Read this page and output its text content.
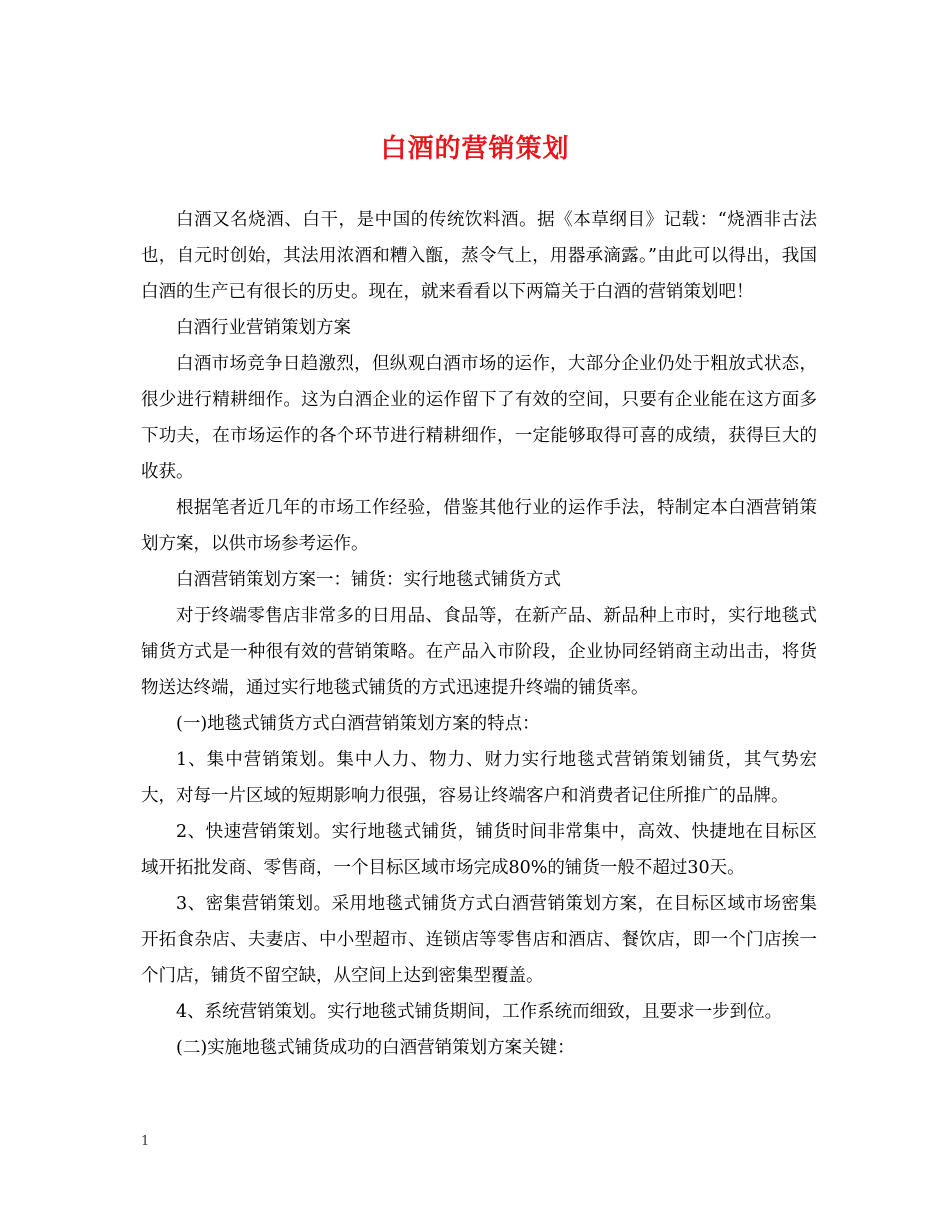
白酒的营销策划

白酒又名烧酒、白干，是中国的传统饮料酒。据《本草纲目》记载：“烧酒非古法也，自元时创始，其法用浓酒和糟入甑，蒸令气上，用器承滴露。”由此可以得出，我国白酒的生产已有很长的历史。现在，就来看看以下两篇关于白酒的营销策划吧！

白酒行业营销策划方案

白酒市场竞争日趋激烈，但纵观白酒市场的运作，大部分企业仍处于粗放式状态，很少进行精耕细作。这为白酒企业的运作留下了有效的空间，只要有企业能在这方面多下功夫，在市场运作的各个环节进行精耕细作，一定能够取得可喜的成绩，获得巨大的收获。

根据笔者近几年的市场工作经验，借鉴其他行业的运作手法，特制定本白酒营销策划方案，以供市场参考运作。

白酒营销策划方案一：铺货：实行地毯式铺货方式

对于终端零售店非常多的日用品、食品等，在新产品、新品种上市时，实行地毯式铺货方式是一种很有效的营销策略。在产品入市阶段，企业协同经销商主动出击，将货物送达终端，通过实行地毯式铺货的方式迅速提升终端的铺货率。

(一)地毯式铺货方式白酒营销策划方案的特点：

1、集中营销策划。集中人力、物力、财力实行地毯式营销策划铺货，其气势宏大，对每一片区域的短期影响力很强，容易让终端客户和消费者记住所推广的品牌。

2、快速营销策划。实行地毯式铺货，铺货时间非常集中，高效、快捷地在目标区域开拓批发商、零售商，一个目标区域市场完成80%的铺货一般不超过30天。

3、密集营销策划。采用地毯式铺货方式白酒营销策划方案，在目标区域市场密集开拓食杂店、夫妻店、中小型超市、连锁店等零售店和酒店、餐饮店，即一个门店挨一个门店，铺货不留空缺，从空间上达到密集型覆盖。

4、系统营销策划。实行地毯式铺货期间，工作系统而细致，且要求一步到位。

(二)实施地毯式铺货成功的白酒营销策划方案关键：

1
